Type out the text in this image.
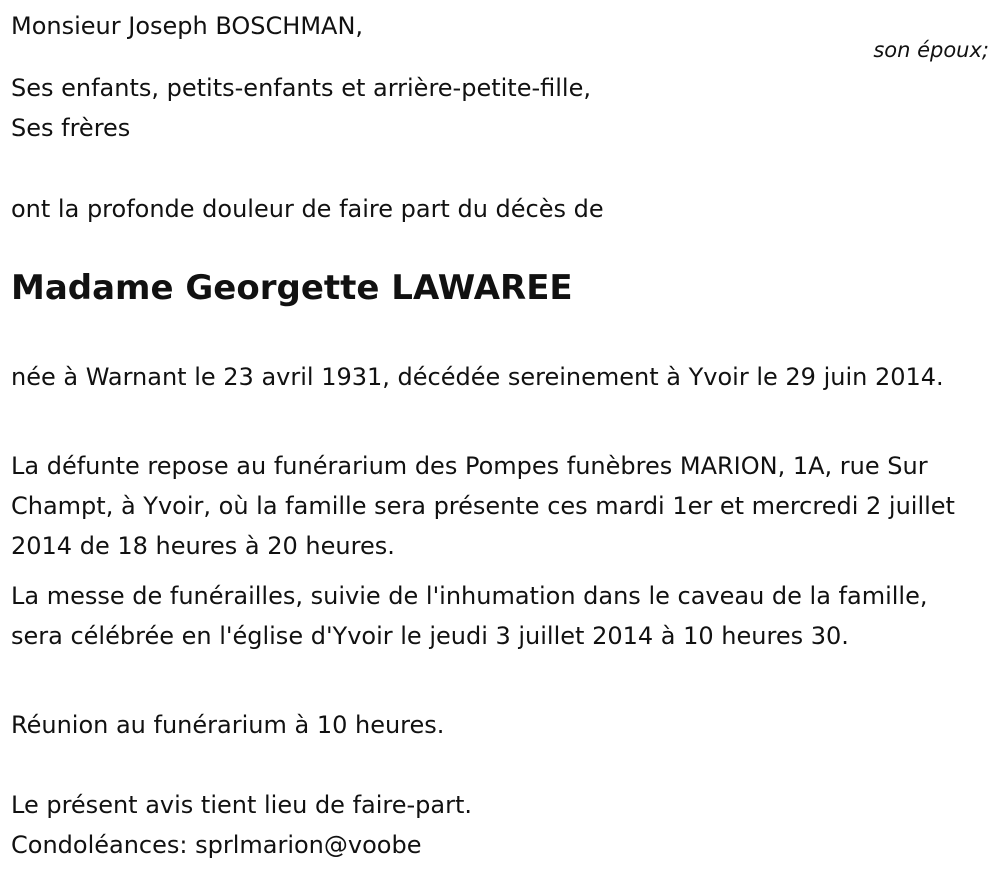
Monsieur Joseph BOSCHMAN,

Ses enfants, petits-enfants et arrière-petite-fille,

Ses frères

ont la profonde douleur de faire part du décès de

Madame Georgette LAWAREE

née à Warnant le 23 avril 1931, décédée sereinement à Yvoir le 29 juin 2014.

La défunte repose au funérarium des Pompes funèbres MARION, 1A, rue Sur Champt, à Yvoir, où la famille sera présente ces mardi 1er et mercredi 2 juillet 2014 de 18 heures à 20 heures.

La messe de funérailles, suivie de l'inhumation dans le caveau de la famille, sera célébrée en l'église d'Yvoir le jeudi 3 juillet 2014 à 10 heures 30.

Réunion au funérarium à 10 heures.

Le présent avis tient lieu de faire-part.

Condoléances: sprlmarion@voobe

son époux;
